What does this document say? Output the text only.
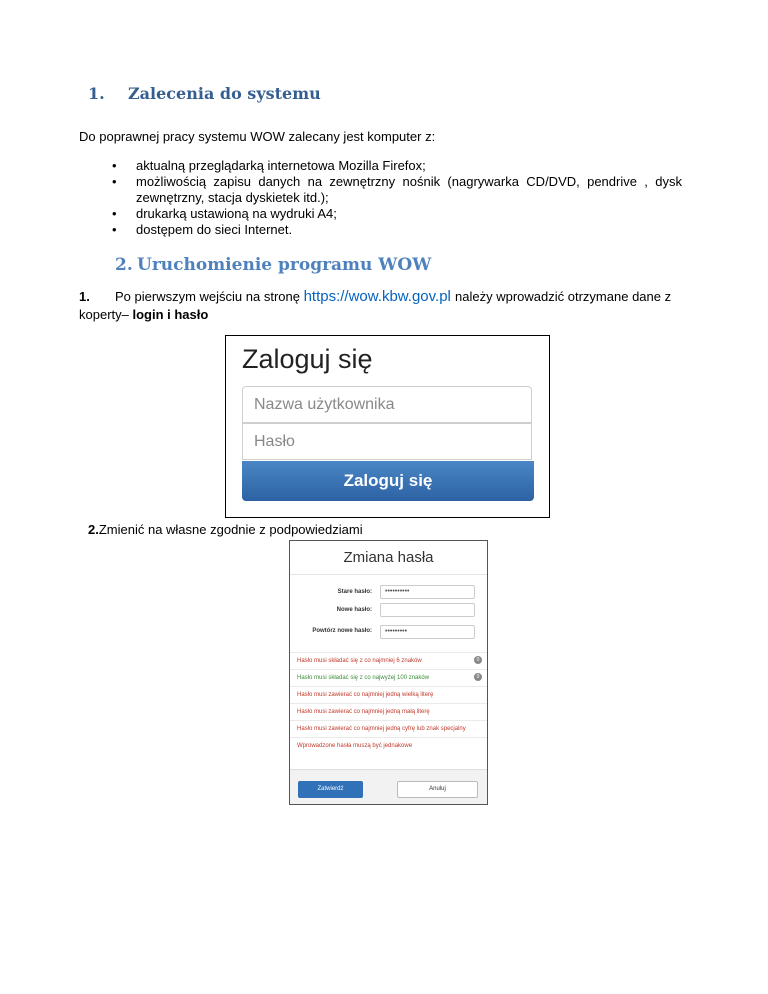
1. Zalecenia do systemu
Do poprawnej pracy systemu WOW zalecany jest komputer z:
• aktualną przeglądarką internetowa Mozilla Firefox;
• możliwością zapisu danych na zewnętrzny nośnik (nagrywarka CD/DVD, pendrive , dysk zewnętrzny, stacja dyskietek itd.);
• drukarką ustawioną na wydruki A4;
• dostępem do sieci Internet.
2. Uruchomienie programu WOW
1. Po pierwszym wejściu na stronę https://wow.kbw.gov.pl należy wprowadzić otrzymane dane z koperty– login i hasło
Zaloguj się
Nazwa użytkownika
Hasło
Zaloguj się
2.Zmienić na własne zgodnie z podpowiedziami
Zmiana hasła
Stare hasło:	••••••••••
Nowe hasło:
Powtórz nowe hasło:	•••••••••
Hasło musi składać się z co najmniej 6 znaków	0
Hasło musi składać się z co najwyżej 100 znaków	0
Hasło musi zawierać co najmniej jedną wielką literę
Hasło musi zawierać co najmniej jedną małą literę
Hasło musi zawierać co najmniej jedną cyfrę lub znak specjalny
Wprowadzone hasła muszą być jednakowe
Zatwierdź	Anuluj
